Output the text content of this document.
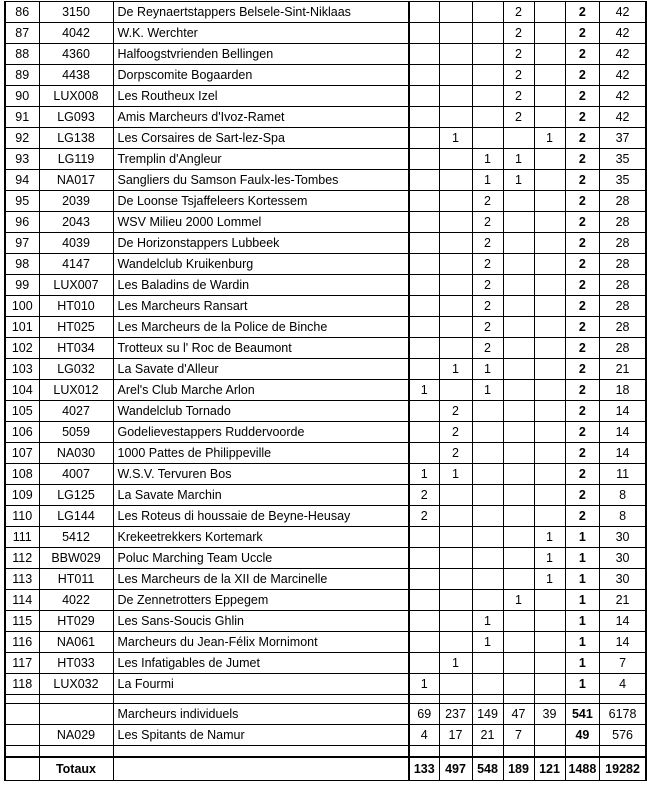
86	3150	De Reynaertstappers Belsele-Sint-Niklaas				2		2	42
87	4042	W.K. Werchter				2		2	42
88	4360	Halfoogstvrienden Bellingen				2		2	42
89	4438	Dorpscomite Bogaarden				2		2	42
90	LUX008	Les Routheux Izel				2		2	42
91	LG093	Amis Marcheurs d'Ivoz-Ramet				2		2	42
92	LG138	Les Corsaires de Sart-lez-Spa		1			1	2	37
93	LG119	Tremplin d'Angleur			1	1		2	35
94	NA017	Sangliers du Samson Faulx-les-Tombes			1	1		2	35
95	2039	De Loonse Tsjaffeleers Kortessem			2			2	28
96	2043	WSV Milieu 2000 Lommel			2			2	28
97	4039	De Horizonstappers Lubbeek			2			2	28
98	4147	Wandelclub Kruikenburg			2			2	28
99	LUX007	Les Baladins de Wardin			2			2	28
100	HT010	Les Marcheurs Ransart			2			2	28
101	HT025	Les Marcheurs de la Police de Binche			2			2	28
102	HT034	Trotteux su l' Roc de Beaumont			2			2	28
103	LG032	La Savate d'Alleur		1	1			2	21
104	LUX012	Arel's Club Marche Arlon	1		1			2	18
105	4027	Wandelclub Tornado		2				2	14
106	5059	Godelievestappers Ruddervoorde		2				2	14
107	NA030	1000 Pattes de Philippeville		2				2	14
108	4007	W.S.V. Tervuren Bos	1	1				2	11
109	LG125	La Savate Marchin	2					2	8
110	LG144	Les Roteus di houssaie de Beyne-Heusay	2					2	8
111	5412	Krekeetrekkers Kortemark					1	1	30
112	BBW029	Poluc Marching Team Uccle					1	1	30
113	HT011	Les Marcheurs de la XII de Marcinelle					1	1	30
114	4022	De Zennetrotters Eppegem				1		1	21
115	HT029	Les Sans-Soucis Ghlin			1			1	14
116	NA061	Marcheurs du Jean-Félix Mornimont			1			1	14
117	HT033	Les Infatigables de Jumet		1				1	7
118	LUX032	La Fourmi	1					1	4

		Marcheurs individuels	69	237	149	47	39	541	6178
	NA029	Les Spitants de Namur	4	17	21	7		49	576

	Totaux		133	497	548	189	121	1488	19282
